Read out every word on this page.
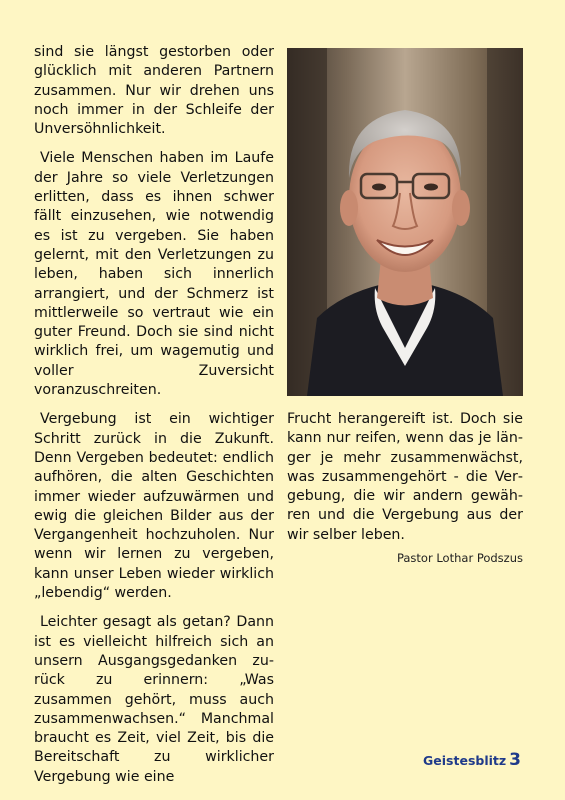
sind sie längst gestorben oder glücklich mit anderen Partnern zusammen. Nur wir drehen uns noch immer in der Schleife der Unversöhnlichkeit.

Viele Menschen haben im Laufe der Jahre so viele Verletzungen erlitten, dass es ihnen schwer fällt einzusehen, wie notwendig es ist zu vergeben. Sie haben gelernt, mit den Verletzungen zu leben, haben sich innerlich arrangiert, und der Schmerz ist mittlerweile so vertraut wie ein guter Freund. Doch sie sind nicht wirklich frei, um wagemutig und voller Zuversicht voranzuschreiten.

Vergebung ist ein wichtiger Schritt zurück in die Zukunft. Denn Vergeben bedeutet: endlich aufhören, die alten Geschichten immer wieder aufzuwärmen und ewig die gleichen Bilder aus der Vergangenheit hochzuholen. Nur wenn wir lernen zu vergeben, kann unser Leben wieder wirklich „lebendig“ werden.

Leichter gesagt als getan? Dann ist es vielleicht hilfreich sich an unsern Ausgangsgedanken zurück zu erinnern: „Was zusammen gehört, muss auch zusammenwachsen.“ Manchmal braucht es Zeit, viel Zeit, bis die Bereitschaft zu wirklicher Vergebung wie eine

Frucht herangereift ist. Doch sie kann nur reifen, wenn das je länger je mehr zusammenwächst, was zusammengehört - die Vergebung, die wir andern gewähren und die Vergebung aus der wir selber leben.

Pastor Lothar Podszus
Geistesblitz 3
